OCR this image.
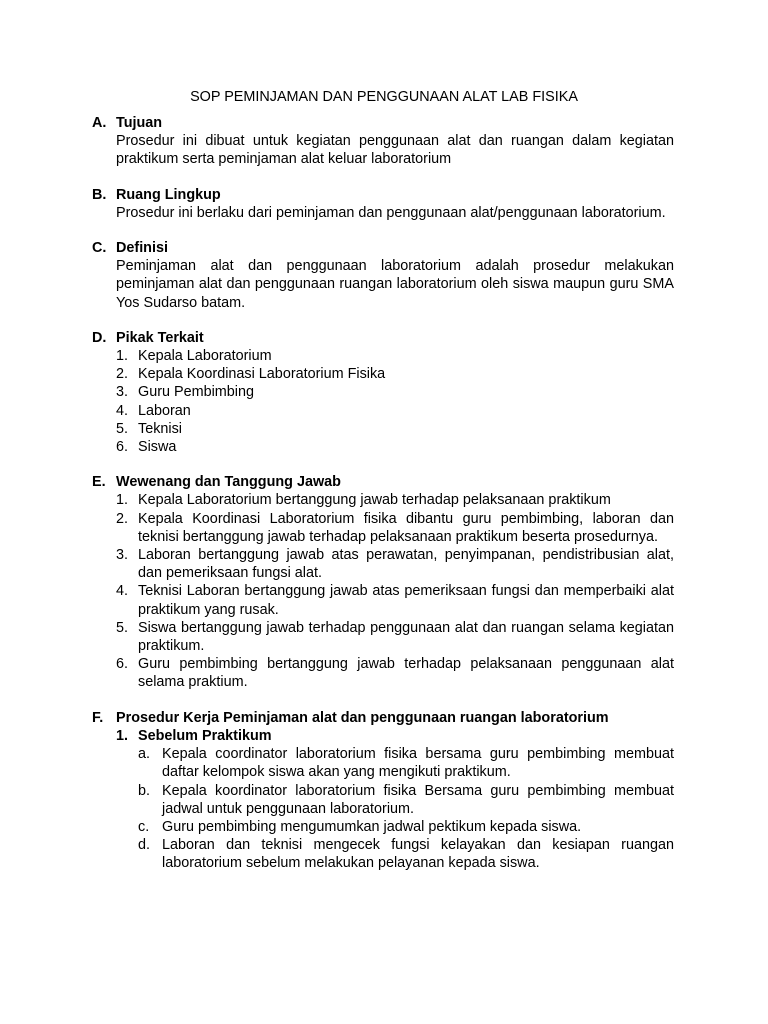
SOP PEMINJAMAN DAN PENGGUNAAN ALAT LAB FISIKA
A. Tujuan
Prosedur ini dibuat untuk kegiatan penggunaan alat dan ruangan dalam kegiatan praktikum serta peminjaman alat keluar laboratorium
B. Ruang Lingkup
Prosedur ini berlaku dari peminjaman dan penggunaan alat/penggunaan laboratorium.
C. Definisi
Peminjaman alat dan penggunaan laboratorium adalah prosedur melakukan peminjaman alat dan penggunaan ruangan laboratorium oleh siswa maupun guru SMA Yos Sudarso batam.
D. Pikak Terkait
1. Kepala Laboratorium
2. Kepala Koordinasi Laboratorium Fisika
3. Guru Pembimbing
4. Laboran
5. Teknisi
6. Siswa
E. Wewenang dan Tanggung Jawab
1. Kepala Laboratorium bertanggung jawab terhadap pelaksanaan praktikum
2. Kepala Koordinasi Laboratorium fisika dibantu guru pembimbing, laboran dan teknisi bertanggung jawab terhadap pelaksanaan praktikum beserta prosedurnya.
3. Laboran bertanggung jawab atas perawatan, penyimpanan, pendistribusian alat, dan pemeriksaan fungsi alat.
4. Teknisi Laboran bertanggung jawab atas pemeriksaan fungsi dan memperbaiki alat praktikum yang rusak.
5. Siswa bertanggung jawab terhadap penggunaan alat dan ruangan selama kegiatan praktikum.
6. Guru pembimbing bertanggung jawab terhadap pelaksanaan penggunaan alat selama praktium.
F. Prosedur Kerja Peminjaman alat dan penggunaan ruangan laboratorium
1. Sebelum Praktikum
a. Kepala coordinator laboratorium fisika bersama guru pembimbing membuat daftar kelompok siswa akan yang mengikuti praktikum.
b. Kepala koordinator laboratorium fisika Bersama guru pembimbing membuat jadwal untuk penggunaan laboratorium.
c. Guru pembimbing mengumumkan jadwal pektikum kepada siswa.
d. Laboran dan teknisi mengecek fungsi kelayakan dan kesiapan ruangan laboratorium sebelum melakukan pelayanan kepada siswa.
